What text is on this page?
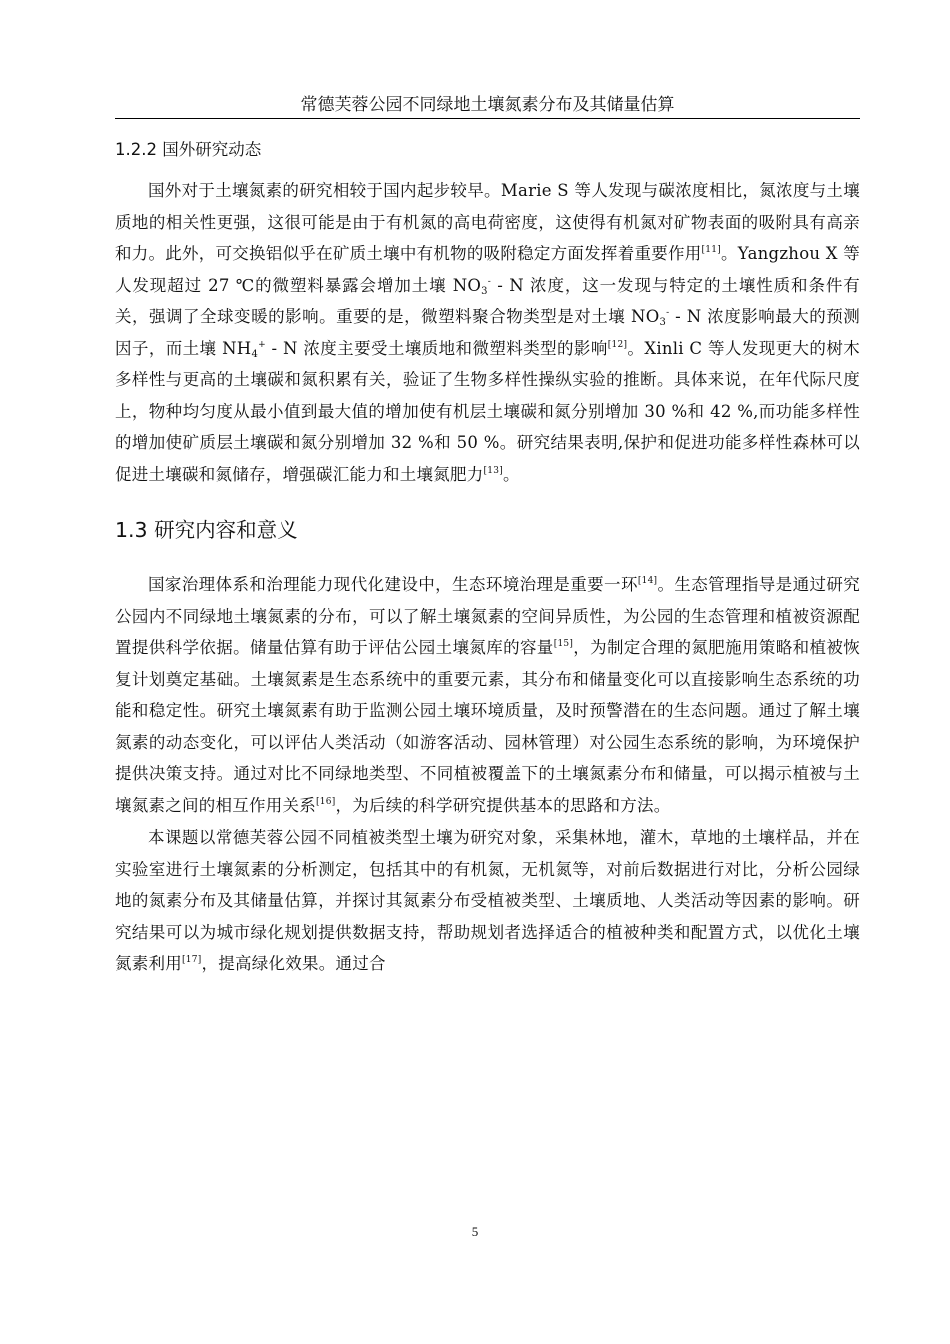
常德芙蓉公园不同绿地土壤氮素分布及其储量估算
1.2.2 国外研究动态

国外对于土壤氮素的研究相较于国内起步较早。Marie S 等人发现与碳浓度相比，氮浓度与土壤质地的相关性更强，这很可能是由于有机氮的高电荷密度，这使得有机氮对矿物表面的吸附具有高亲和力。此外，可交换铝似乎在矿质土壤中有机物的吸附稳定方面发挥着重要作用[11]。Yangzhou X 等人发现超过 27 ℃的微塑料暴露会增加土壤 $NO_3^-$ - N 浓度，这一发现与特定的土壤性质和条件有关，强调了全球变暖的影响。重要的是，微塑料聚合物类型是对土壤 $NO_3^-$ - N 浓度影响最大的预测因子，而土壤 $NH_4^+$ - N 浓度主要受土壤质地和微塑料类型的影响[12]。Xinli C 等人发现更大的树木多样性与更高的土壤碳和氮积累有关，验证了生物多样性操纵实验的推断。具体来说，在年代际尺度上，物种均匀度从最小值到最大值的增加使有机层土壤碳和氮分别增加 30 %和 42 %,而功能多样性的增加使矿质层土壤碳和氮分别增加 32 %和 50 %。研究结果表明,保护和促进功能多样性森林可以促进土壤碳和氮储存，增强碳汇能力和土壤氮肥力[13]。

1.3 研究内容和意义

国家治理体系和治理能力现代化建设中，生态环境治理是重要一环[14]。生态管理指导是通过研究公园内不同绿地土壤氮素的分布，可以了解土壤氮素的空间异质性，为公园的生态管理和植被资源配置提供科学依据。储量估算有助于评估公园土壤氮库的容量[15]，为制定合理的氮肥施用策略和植被恢复计划奠定基础。土壤氮素是生态系统中的重要元素，其分布和储量变化可以直接影响生态系统的功能和稳定性。研究土壤氮素有助于监测公园土壤环境质量，及时预警潜在的生态问题。通过了解土壤氮素的动态变化，可以评估人类活动（如游客活动、园林管理）对公园生态系统的影响，为环境保护提供决策支持。通过对比不同绿地类型、不同植被覆盖下的土壤氮素分布和储量，可以揭示植被与土壤氮素之间的相互作用关系[16]，为后续的科学研究提供基本的思路和方法。

本课题以常德芙蓉公园不同植被类型土壤为研究对象，采集林地，灌木，草地的土壤样品，并在实验室进行土壤氮素的分析测定，包括其中的有机氮，无机氮等，对前后数据进行对比，分析公园绿地的氮素分布及其储量估算，并探讨其氮素分布受植被类型、土壤质地、人类活动等因素的影响。研究结果可以为城市绿化规划提供数据支持，帮助规划者选择适合的植被种类和配置方式，以优化土壤氮素利用[17]，提高绿化效果。通过合

5
